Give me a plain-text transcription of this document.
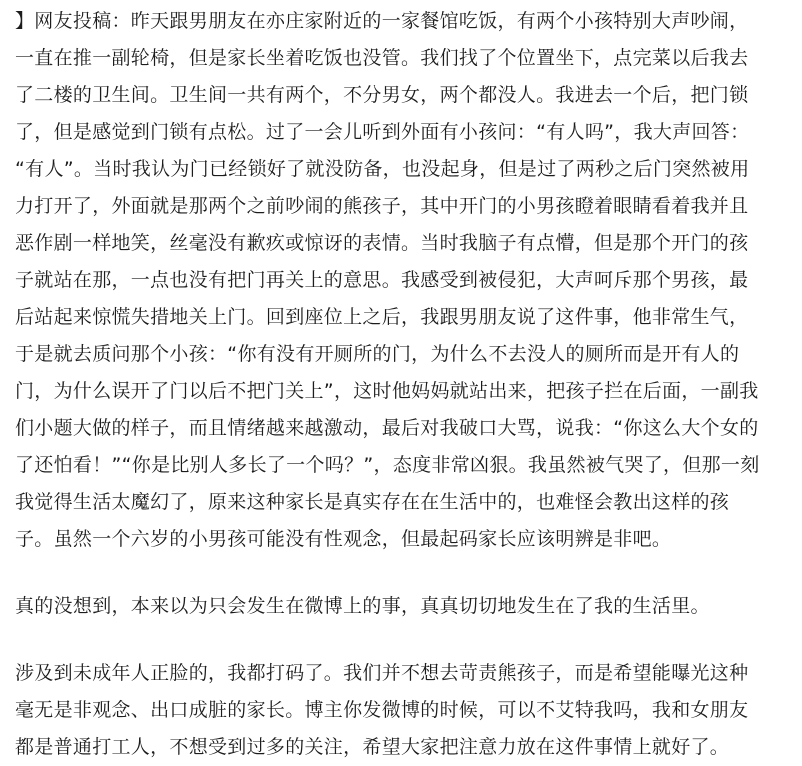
】网友投稿：昨天跟男朋友在亦庄家附近的一家餐馆吃饭，有两个小孩特别大声吵闹，
一直在推一副轮椅，但是家长坐着吃饭也没管。我们找了个位置坐下，点完菜以后我去
了二楼的卫生间。卫生间一共有两个，不分男女，两个都没人。我进去一个后，把门锁
了，但是感觉到门锁有点松。过了一会儿听到外面有小孩问：“有人吗”，我大声回答：
“有人”。当时我认为门已经锁好了就没防备，也没起身，但是过了两秒之后门突然被用
力打开了，外面就是那两个之前吵闹的熊孩子，其中开门的小男孩瞪着眼睛看着我并且
恶作剧一样地笑，丝毫没有歉疚或惊讶的表情。当时我脑子有点懵，但是那个开门的孩
子就站在那，一点也没有把门再关上的意思。我感受到被侵犯，大声呵斥那个男孩，最
后站起来惊慌失措地关上门。回到座位上之后，我跟男朋友说了这件事，他非常生气，
于是就去质问那个小孩：“你有没有开厕所的门，为什么不去没人的厕所而是开有人的
门，为什么误开了门以后不把门关上”，这时他妈妈就站出来，把孩子拦在后面，一副我
们小题大做的样子，而且情绪越来越激动，最后对我破口大骂，说我：“你这么大个女的
了还怕看！”“你是比别人多长了一个吗？”，态度非常凶狠。我虽然被气哭了，但那一刻
我觉得生活太魔幻了，原来这种家长是真实存在在生活中的，也难怪会教出这样的孩
子。虽然一个六岁的小男孩可能没有性观念，但最起码家长应该明辨是非吧。
真的没想到，本来以为只会发生在微博上的事，真真切切地发生在了我的生活里。
涉及到未成年人正脸的，我都打码了。我们并不想去苛责熊孩子，而是希望能曝光这种
毫无是非观念、出口成脏的家长。博主你发微博的时候，可以不艾特我吗，我和女朋友
都是普通打工人，不想受到过多的关注，希望大家把注意力放在这件事情上就好了。
